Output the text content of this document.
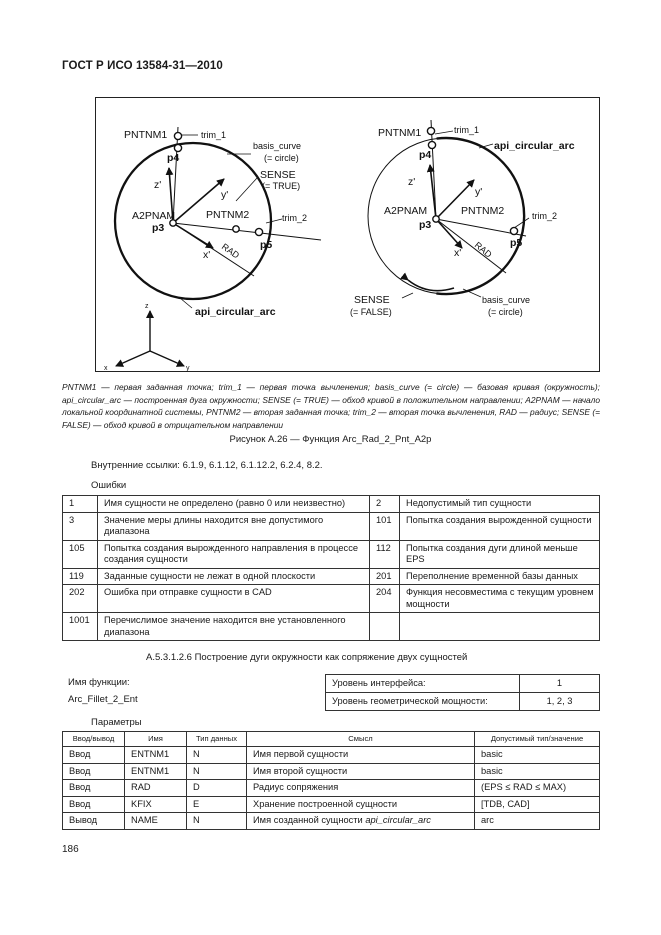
ГОСТ Р ИСО 13584-31—2010
PNTNM1	trim_1
p4
basis_curve
(= circle)
SENSE
(= TRUE)
z'
y'
A2PNAM	PNTNM2	trim_2
p3
RAD p5
x'
api_circular_arc
z
x	y
PNTNM1	trim_1
p4
api_circular_arc
z'
y'
A2PNAM	PNTNM2	trim_2
p3
RAD p5
x'
SENSE
(= FALSE)
basis_curve
(= circle)
PNTNM1 — первая заданная точка; trim_1 — первая точка вычленения; basis_curve (= circle) — базовая кривая (окружность); api_circular_arc — построенная дуга окружности; SENSE (= TRUE) — обход кривой в положительном направлении; A2PNAM — начало локальной координатной системы, PNTNM2 — вторая заданная точка; trim_2 — вторая точка вычленения, RAD — радиус; SENSE (= FALSE) — обход кривой в отрицательном направлении
Рисунок А.26 — Функция Arc_Rad_2_Pnt_A2p
Внутренние ссылки: 6.1.9, 6.1.12, 6.1.12.2, 6.2.4, 8.2.
Ошибки
1	Имя сущности не определено (равно 0 или неизвестно)	2	Недопустимый тип сущности
3	Значение меры длины находится вне допустимого диапазона	101	Попытка создания вырожденной сущности
105	Попытка создания вырожденного направления в процессе создания сущности	112	Попытка создания дуги длиной меньше EPS
119	Заданные сущности не лежат в одной плоскости	201	Переполнение временной базы данных
202	Ошибка при отправке сущности в CAD	204	Функция несовместима с текущим уровнем мощности
1001	Перечислимое значение находится вне установленного диапазона		
А.5.3.1.2.6 Построение дуги окружности как сопряжение двух сущностей
Имя функции:
Arc_Fillet_2_Ent
Уровень интерфейса:	1
Уровень геометрической мощности:	1, 2, 3
Параметры
Ввод/вывод	Имя	Тип данных	Смысл	Допустимый тип/значение
Ввод	ENTNM1	N	Имя первой сущности	basic
Ввод	ENTNM1	N	Имя второй сущности	basic
Ввод	RAD	D	Радиус сопряжения	(EPS ≤ RAD ≤ MAX)
Ввод	KFIX	E	Хранение построенной сущности	[TDB, CAD]
Вывод	NAME	N	Имя созданной сущности api_circular_arc	arc
186
